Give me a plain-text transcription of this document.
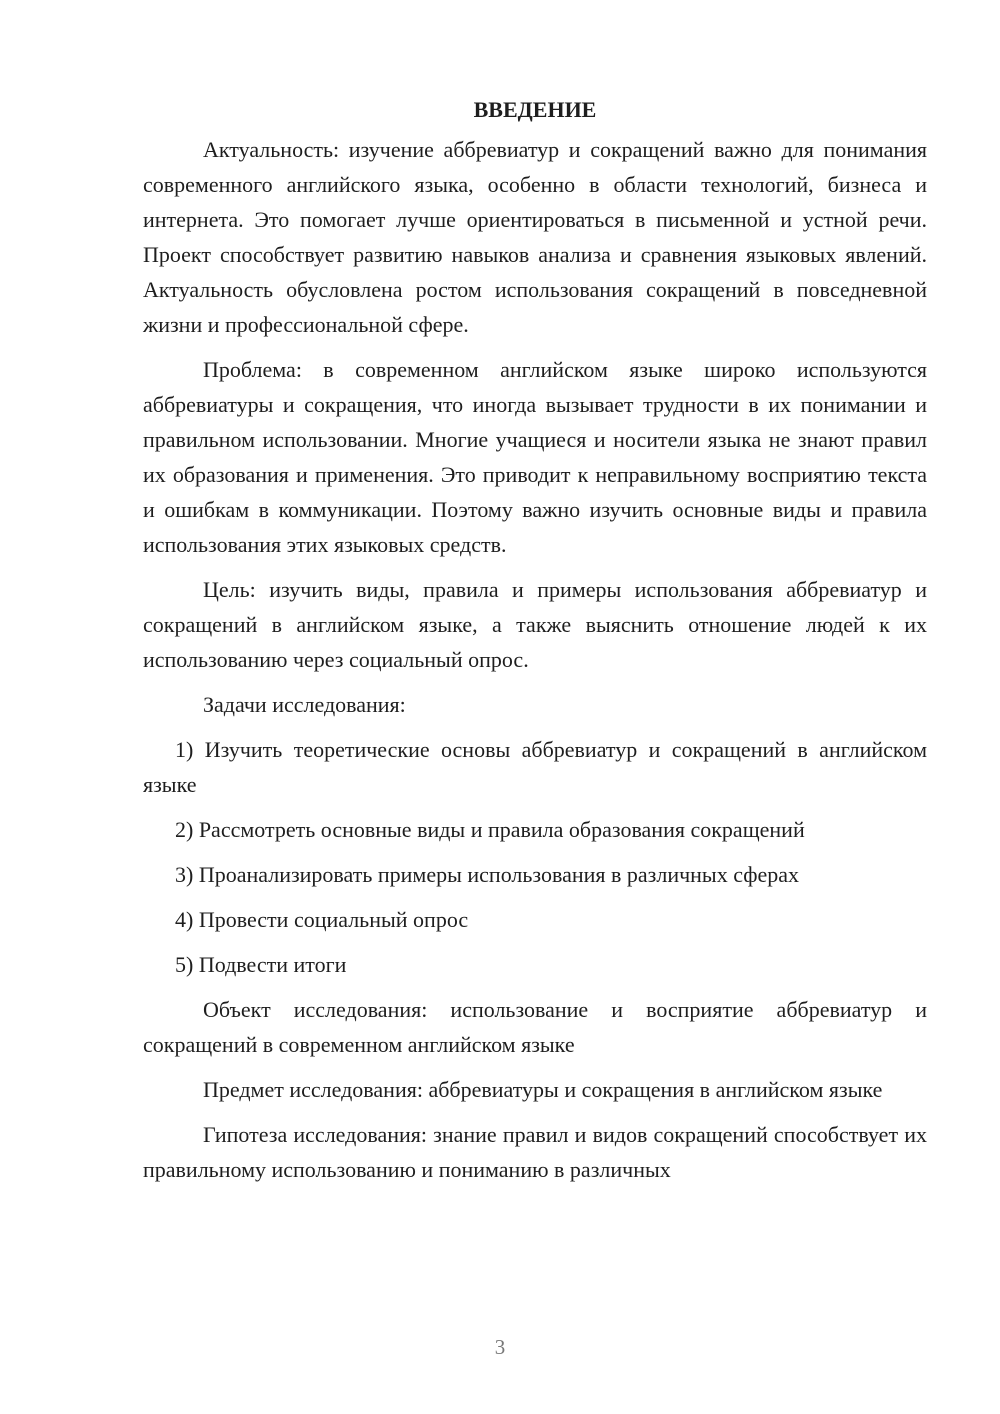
ВВЕДЕНИЕ

Актуальность: изучение аббревиатур и сокращений важно для понимания современного английского языка, особенно в области технологий, бизнеса и интернета. Это помогает лучше ориентироваться в письменной и устной речи. Проект способствует развитию навыков анализа и сравнения языковых явлений. Актуальность обусловлена ростом использования сокращений в повседневной жизни и профессиональной сфере.

Проблема: в современном английском языке широко используются аббревиатуры и сокращения, что иногда вызывает трудности в их понимании и правильном использовании. Многие учащиеся и носители языка не знают правил их образования и применения. Это приводит к неправильному восприятию текста и ошибкам в коммуникации. Поэтому важно изучить основные виды и правила использования этих языковых средств.

Цель: изучить виды, правила и примеры использования аббревиатур и сокращений в английском языке, а также выяснить отношение людей к их использованию через социальный опрос.

Задачи исследования:

1) Изучить теоретические основы аббревиатур и сокращений в английском языке

2) Рассмотреть основные виды и правила образования сокращений

3) Проанализировать примеры использования в различных сферах

4) Провести социальный опрос

5) Подвести итоги

Объект исследования: использование и восприятие аббревиатур и сокращений в современном английском языке

Предмет исследования: аббревиатуры и сокращения в английском языке

Гипотеза исследования: знание правил и видов сокращений способствует их правильному использованию и пониманию в различных

3
